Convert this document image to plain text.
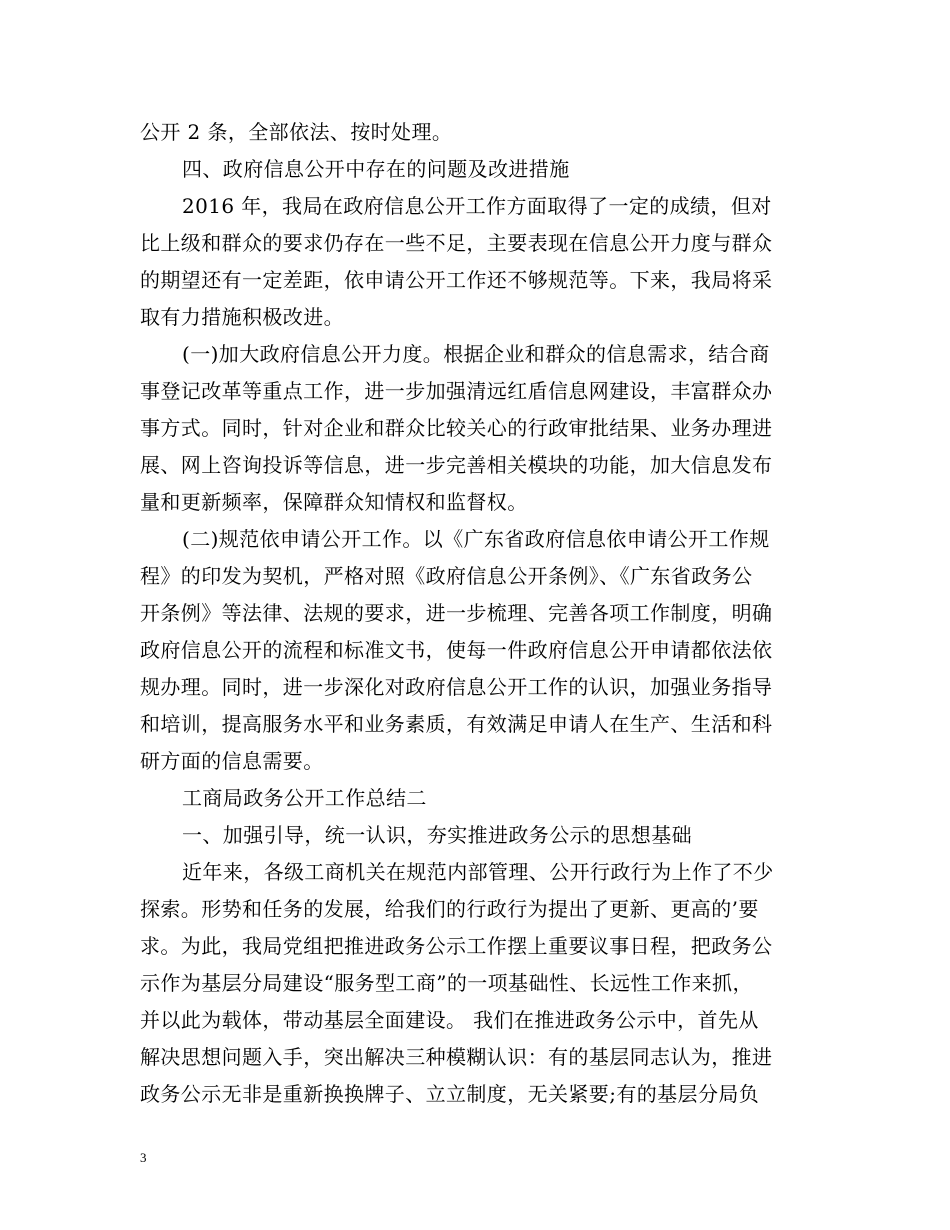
公开 2 条，全部依法、按时处理。
四、政府信息公开中存在的问题及改进措施
2016 年，我局在政府信息公开工作方面取得了一定的成绩，但对
比上级和群众的要求仍存在一些不足，主要表现在信息公开力度与群众
的期望还有一定差距，依申请公开工作还不够规范等。下来，我局将采
取有力措施积极改进。
(一)加大政府信息公开力度。根据企业和群众的信息需求，结合商
事登记改革等重点工作，进一步加强清远红盾信息网建设，丰富群众办
事方式。同时，针对企业和群众比较关心的行政审批结果、业务办理进
展、网上咨询投诉等信息，进一步完善相关模块的功能，加大信息发布
量和更新频率，保障群众知情权和监督权。
(二)规范依申请公开工作。以《广东省政府信息依申请公开工作规
程》的印发为契机，严格对照《政府信息公开条例》、《广东省政务公
开条例》等法律、法规的要求，进一步梳理、完善各项工作制度，明确
政府信息公开的流程和标准文书，使每一件政府信息公开申请都依法依
规办理。同时，进一步深化对政府信息公开工作的认识，加强业务指导
和培训，提高服务水平和业务素质，有效满足申请人在生产、生活和科
研方面的信息需要。
工商局政务公开工作总结二
一、加强引导，统一认识，夯实推进政务公示的思想基础
近年来，各级工商机关在规范内部管理、公开行政行为上作了不少
探索。形势和任务的发展，给我们的行政行为提出了更新、更高的’要
求。为此，我局党组把推进政务公示工作摆上重要议事日程，把政务公
示作为基层分局建设“服务型工商”的一项基础性、长远性工作来抓，
并以此为载体，带动基层全面建设。 我们在推进政务公示中，首先从
解决思想问题入手，突出解决三种模糊认识：有的基层同志认为，推进
政务公示无非是重新换换牌子、立立制度，无关紧要;有的基层分局负
3
